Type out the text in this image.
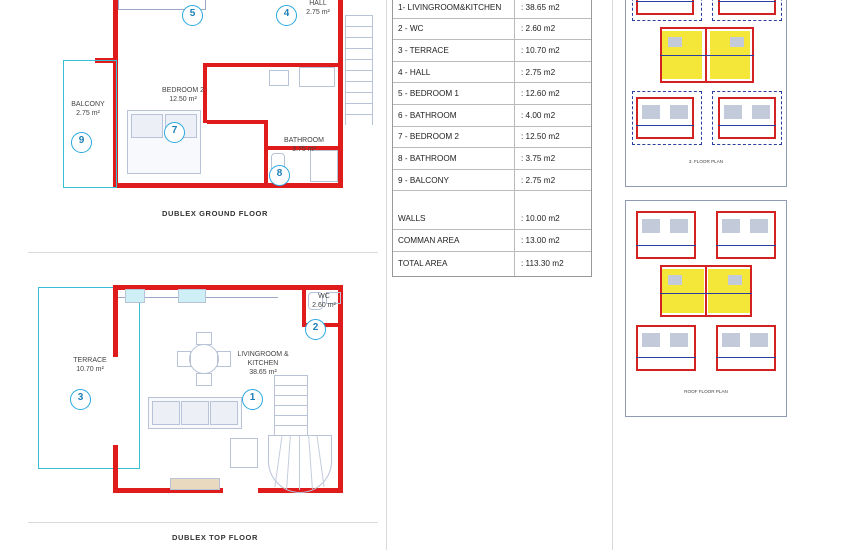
1- LIVINGROOM&KITCHEN	: 38.65 m2
2 - WC	: 2.60 m2
3 - TERRACE	: 10.70 m2
4 - HALL	: 2.75 m2
5 - BEDROOM 1	: 12.60 m2
6 - BATHROOM	: 4.00 m2
7 - BEDROOM 2	: 12.50 m2
8 - BATHROOM	: 3.75 m2
9 - BALCONY	: 2.75 m2
WALLS	: 10.00 m2
COMMAN AREA	: 13.00 m2
TOTAL AREA	: 113.30 m2
HALL
2.75 m²
BEDROOM 2
12.50 m²
BALCONY
2.75 m²
BATHROOM
3.75 m²
5	4
7
9
8
DUBLEX GROUND FLOOR
TERRACE
10.70 m²
LIVINGROOM &
KITCHEN
38.65 m²
WC
2.60 m²
3	1
2
DUBLEX TOP FLOOR
3. FLOOR PLAN
ROOF FLOOR PLAN
